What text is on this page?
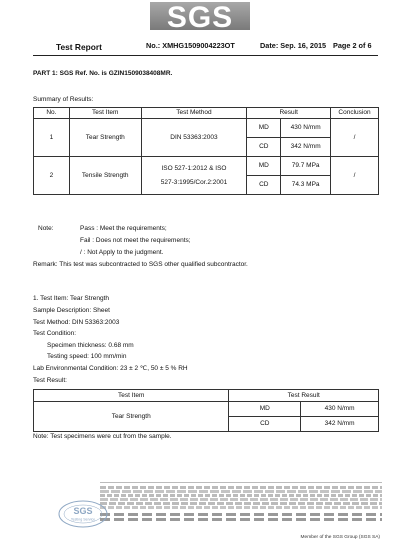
SGS
Test Report	No.: XMHG1509004223OT	Date: Sep. 16, 2015 Page 2 of 6
PART 1: SGS Ref. No. is GZIN1509038408MR.
Summary of Results:
No.	Test Item	Test Method	Result		Conclusion
1	Tear Strength	DIN 53363:2003	MD	430 N/mm	/
			CD	342 N/mm	
2	Tensile Strength	ISO 527-1:2012 & ISO
527-3:1995/Cor.2:2001	MD	79.7 MPa	/
			CD	74.3 MPa	
Note:	Pass : Meet the requirements;
Fail : Does not meet the requirements;
/ : Not Apply to the judgment.
Remark: This test was subcontracted to SGS other qualified subcontractor.
1. Test Item: Tear Strength
Sample Description: Sheet
Test Method: DIN 53363:2003
Test Condition:
Specimen thickness: 0.68 mm
Testing speed: 100 mm/min
Lab Environmental Condition: 23 ± 2 ℃, 50 ± 5 % RH
Test Result:
Test Item	Test Result	
Tear Strength	MD	430 N/mm
	CD	342 N/mm
Note: Test specimens were cut from the sample.
SGS
Testing Service
Member of the SGS Group (SGS SA)
